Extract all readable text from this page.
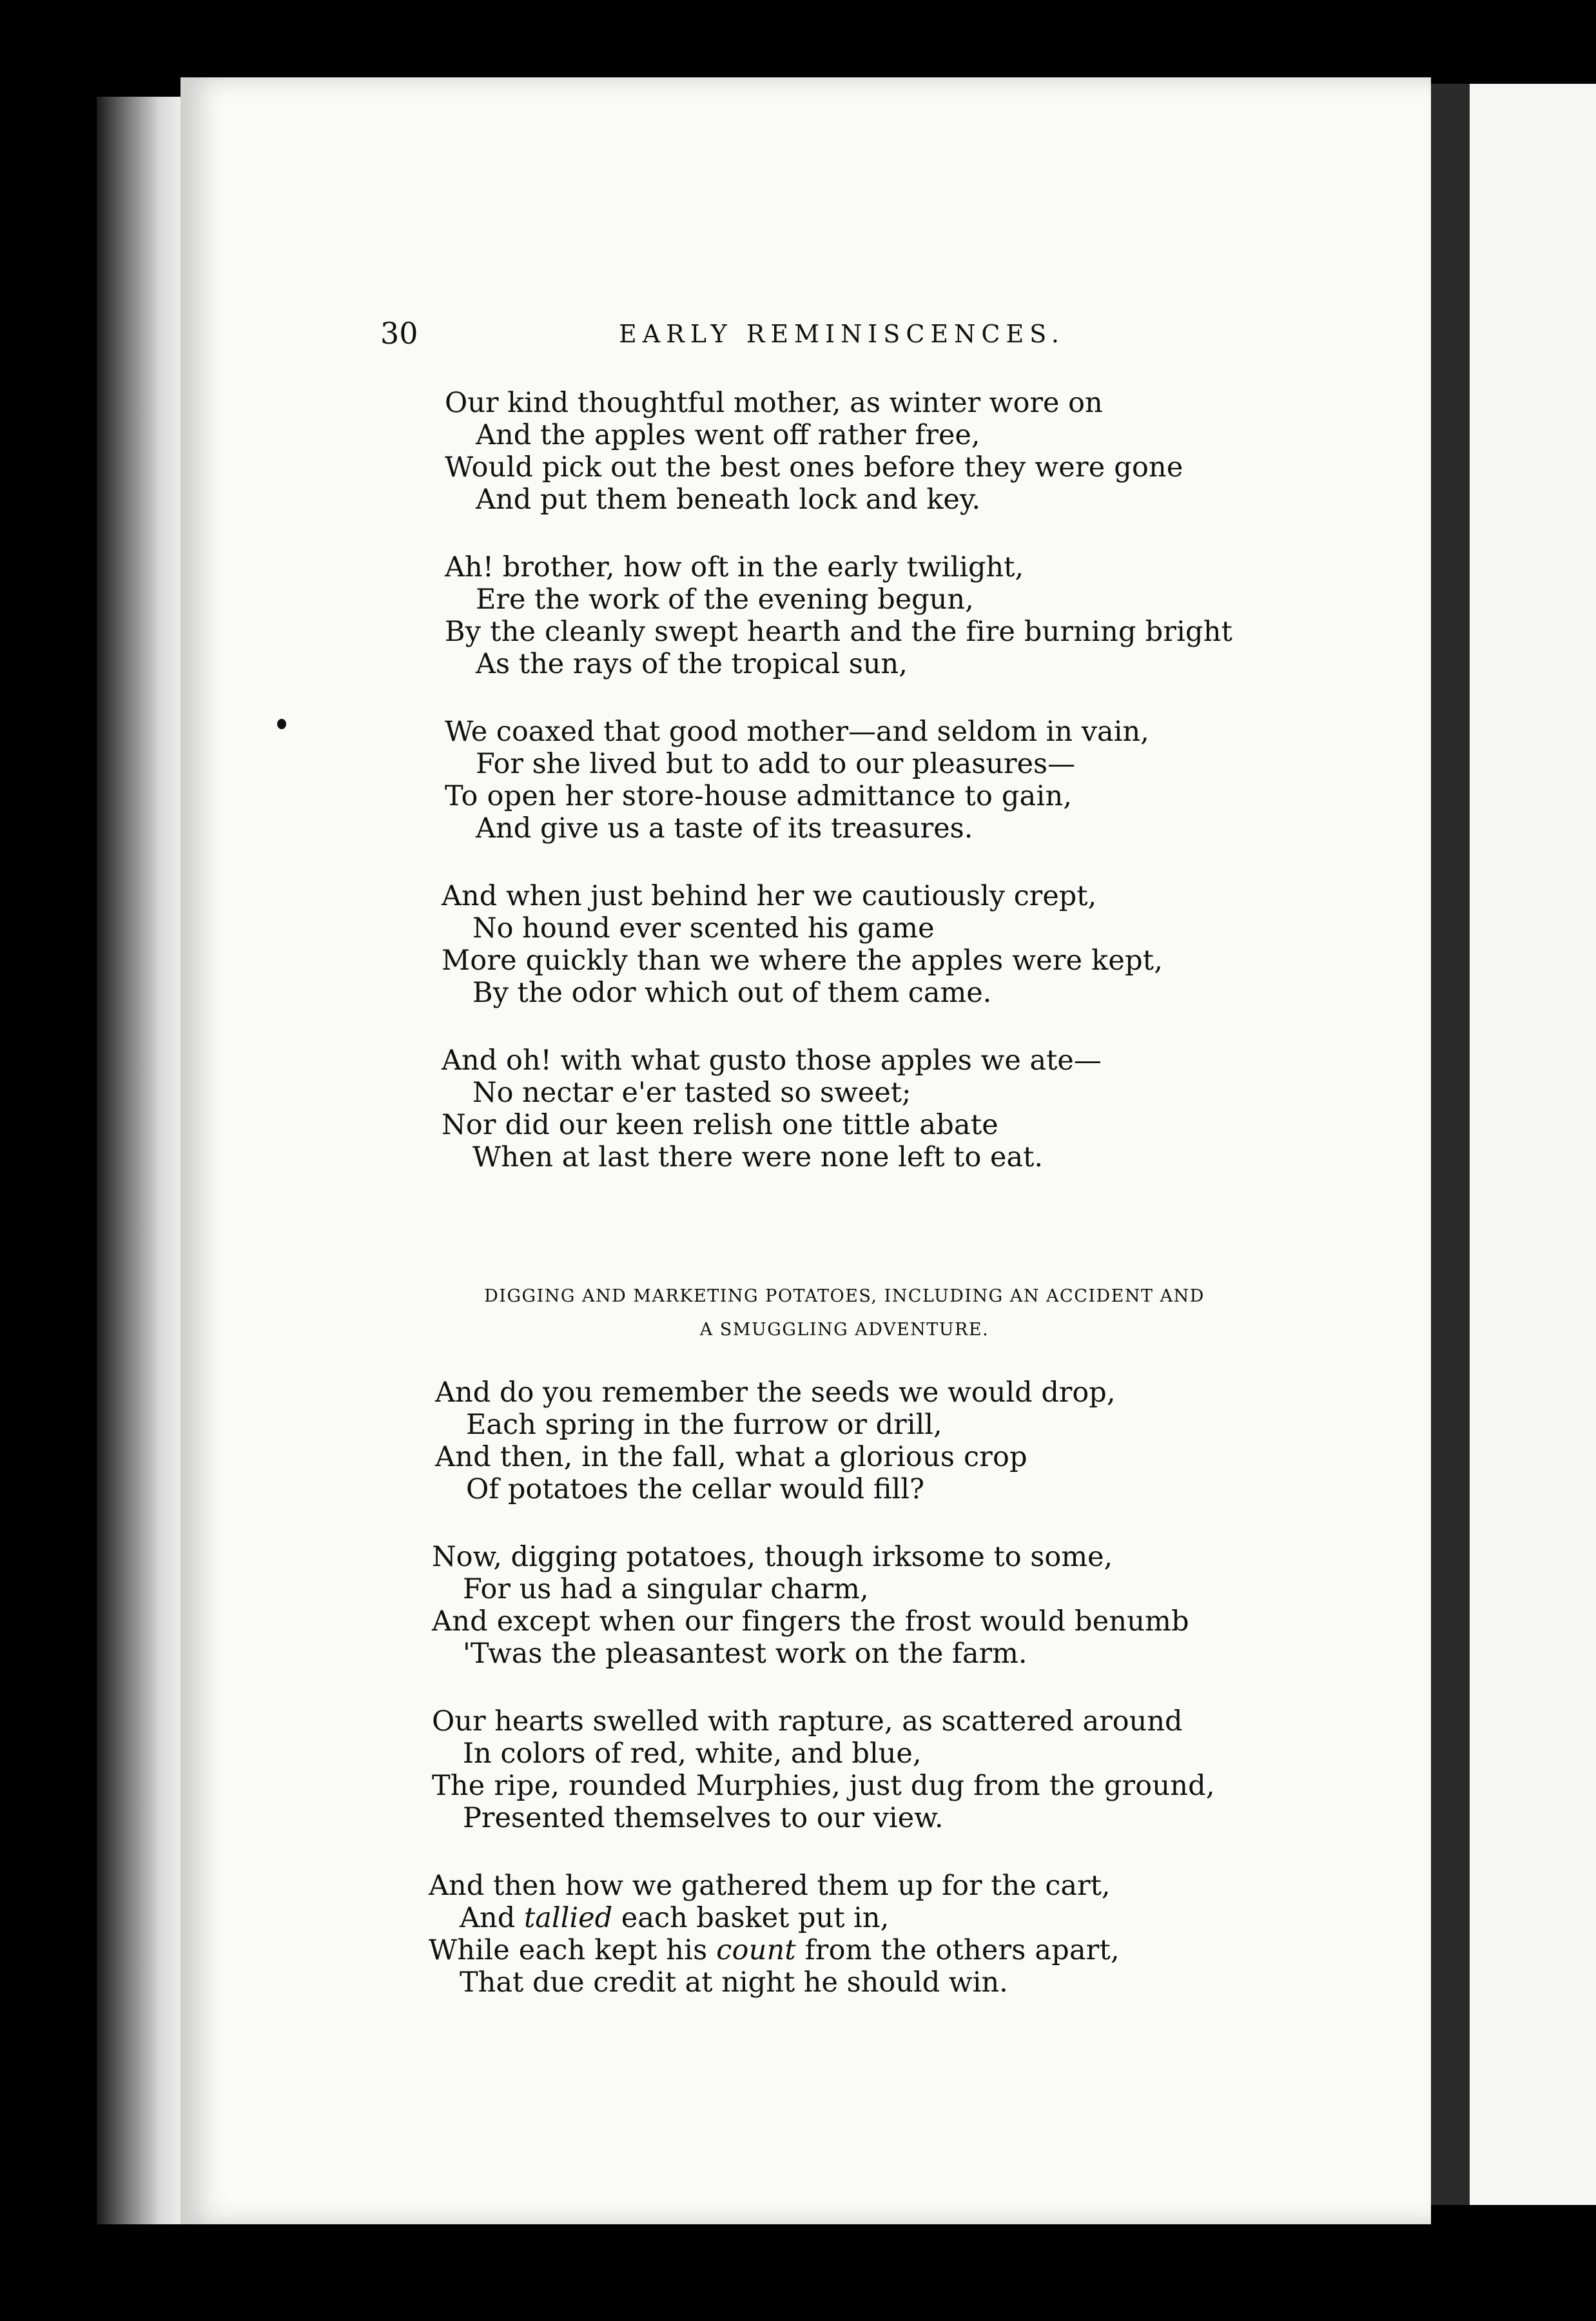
30	EARLY REMINISCENCES.
Our kind thoughtful mother, as winter wore on
And the apples went off rather free,
Would pick out the best ones before they were gone
And put them beneath lock and key.
Ah! brother, how oft in the early twilight,
Ere the work of the evening begun,
By the cleanly swept hearth and the fire burning bright
As the rays of the tropical sun,
We coaxed that good mother—and seldom in vain,
For she lived but to add to our pleasures—
To open her store-house admittance to gain,
And give us a taste of its treasures.
And when just behind her we cautiously crept,
No hound ever scented his game
More quickly than we where the apples were kept,
By the odor which out of them came.
And oh! with what gusto those apples we ate—
No nectar e'er tasted so sweet;
Nor did our keen relish one tittle abate
When at last there were none left to eat.
DIGGING AND MARKETING POTATOES, INCLUDING AN ACCIDENT AND
A SMUGGLING ADVENTURE.
And do you remember the seeds we would drop,
Each spring in the furrow or drill,
And then, in the fall, what a glorious crop
Of potatoes the cellar would fill?
Now, digging potatoes, though irksome to some,
For us had a singular charm,
And except when our fingers the frost would benumb
'Twas the pleasantest work on the farm.
Our hearts swelled with rapture, as scattered around
In colors of red, white, and blue,
The ripe, rounded Murphies, just dug from the ground,
Presented themselves to our view.
And then how we gathered them up for the cart,
And tallied each basket put in,
While each kept his count from the others apart,
That due credit at night he should win.
